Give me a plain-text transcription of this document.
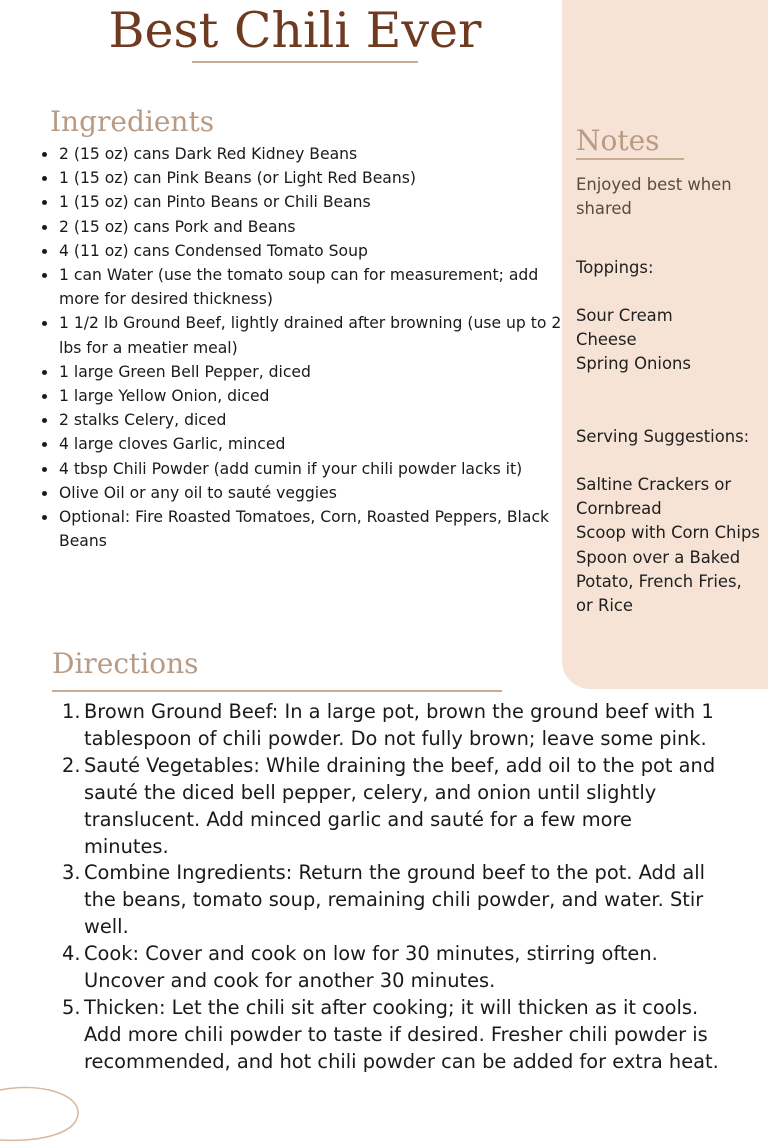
Best Chili Ever
Ingredients
• 2 (15 oz) cans Dark Red Kidney Beans
• 1 (15 oz) can Pink Beans (or Light Red Beans)
• 1 (15 oz) can Pinto Beans or Chili Beans
• 2 (15 oz) cans Pork and Beans
• 4 (11 oz) cans Condensed Tomato Soup
• 1 can Water (use the tomato soup can for measurement; add more for desired thickness)
• 1 1/2 lb Ground Beef, lightly drained after browning (use up to 2 lbs for a meatier meal)
• 1 large Green Bell Pepper, diced
• 1 large Yellow Onion, diced
• 2 stalks Celery, diced
• 4 large cloves Garlic, minced
• 4 tbsp Chili Powder (add cumin if your chili powder lacks it)
• Olive Oil or any oil to sauté veggies
• Optional: Fire Roasted Tomatoes, Corn, Roasted Peppers, Black Beans
Notes

Enjoyed best when shared

Toppings:

Sour Cream
Cheese
Spring Onions

Serving Suggestions:

Saltine Crackers or Cornbread
Scoop with Corn Chips
Spoon over a Baked Potato, French Fries, or Rice
Directions
1. Brown Ground Beef: In a large pot, brown the ground beef with 1 tablespoon of chili powder. Do not fully brown; leave some pink.
2. Sauté Vegetables: While draining the beef, add oil to the pot and sauté the diced bell pepper, celery, and onion until slightly translucent. Add minced garlic and sauté for a few more minutes.
3. Combine Ingredients: Return the ground beef to the pot. Add all the beans, tomato soup, remaining chili powder, and water. Stir well.
4. Cook: Cover and cook on low for 30 minutes, stirring often. Uncover and cook for another 30 minutes.
5. Thicken: Let the chili sit after cooking; it will thicken as it cools. Add more chili powder to taste if desired. Fresher chili powder is recommended, and hot chili powder can be added for extra heat.
